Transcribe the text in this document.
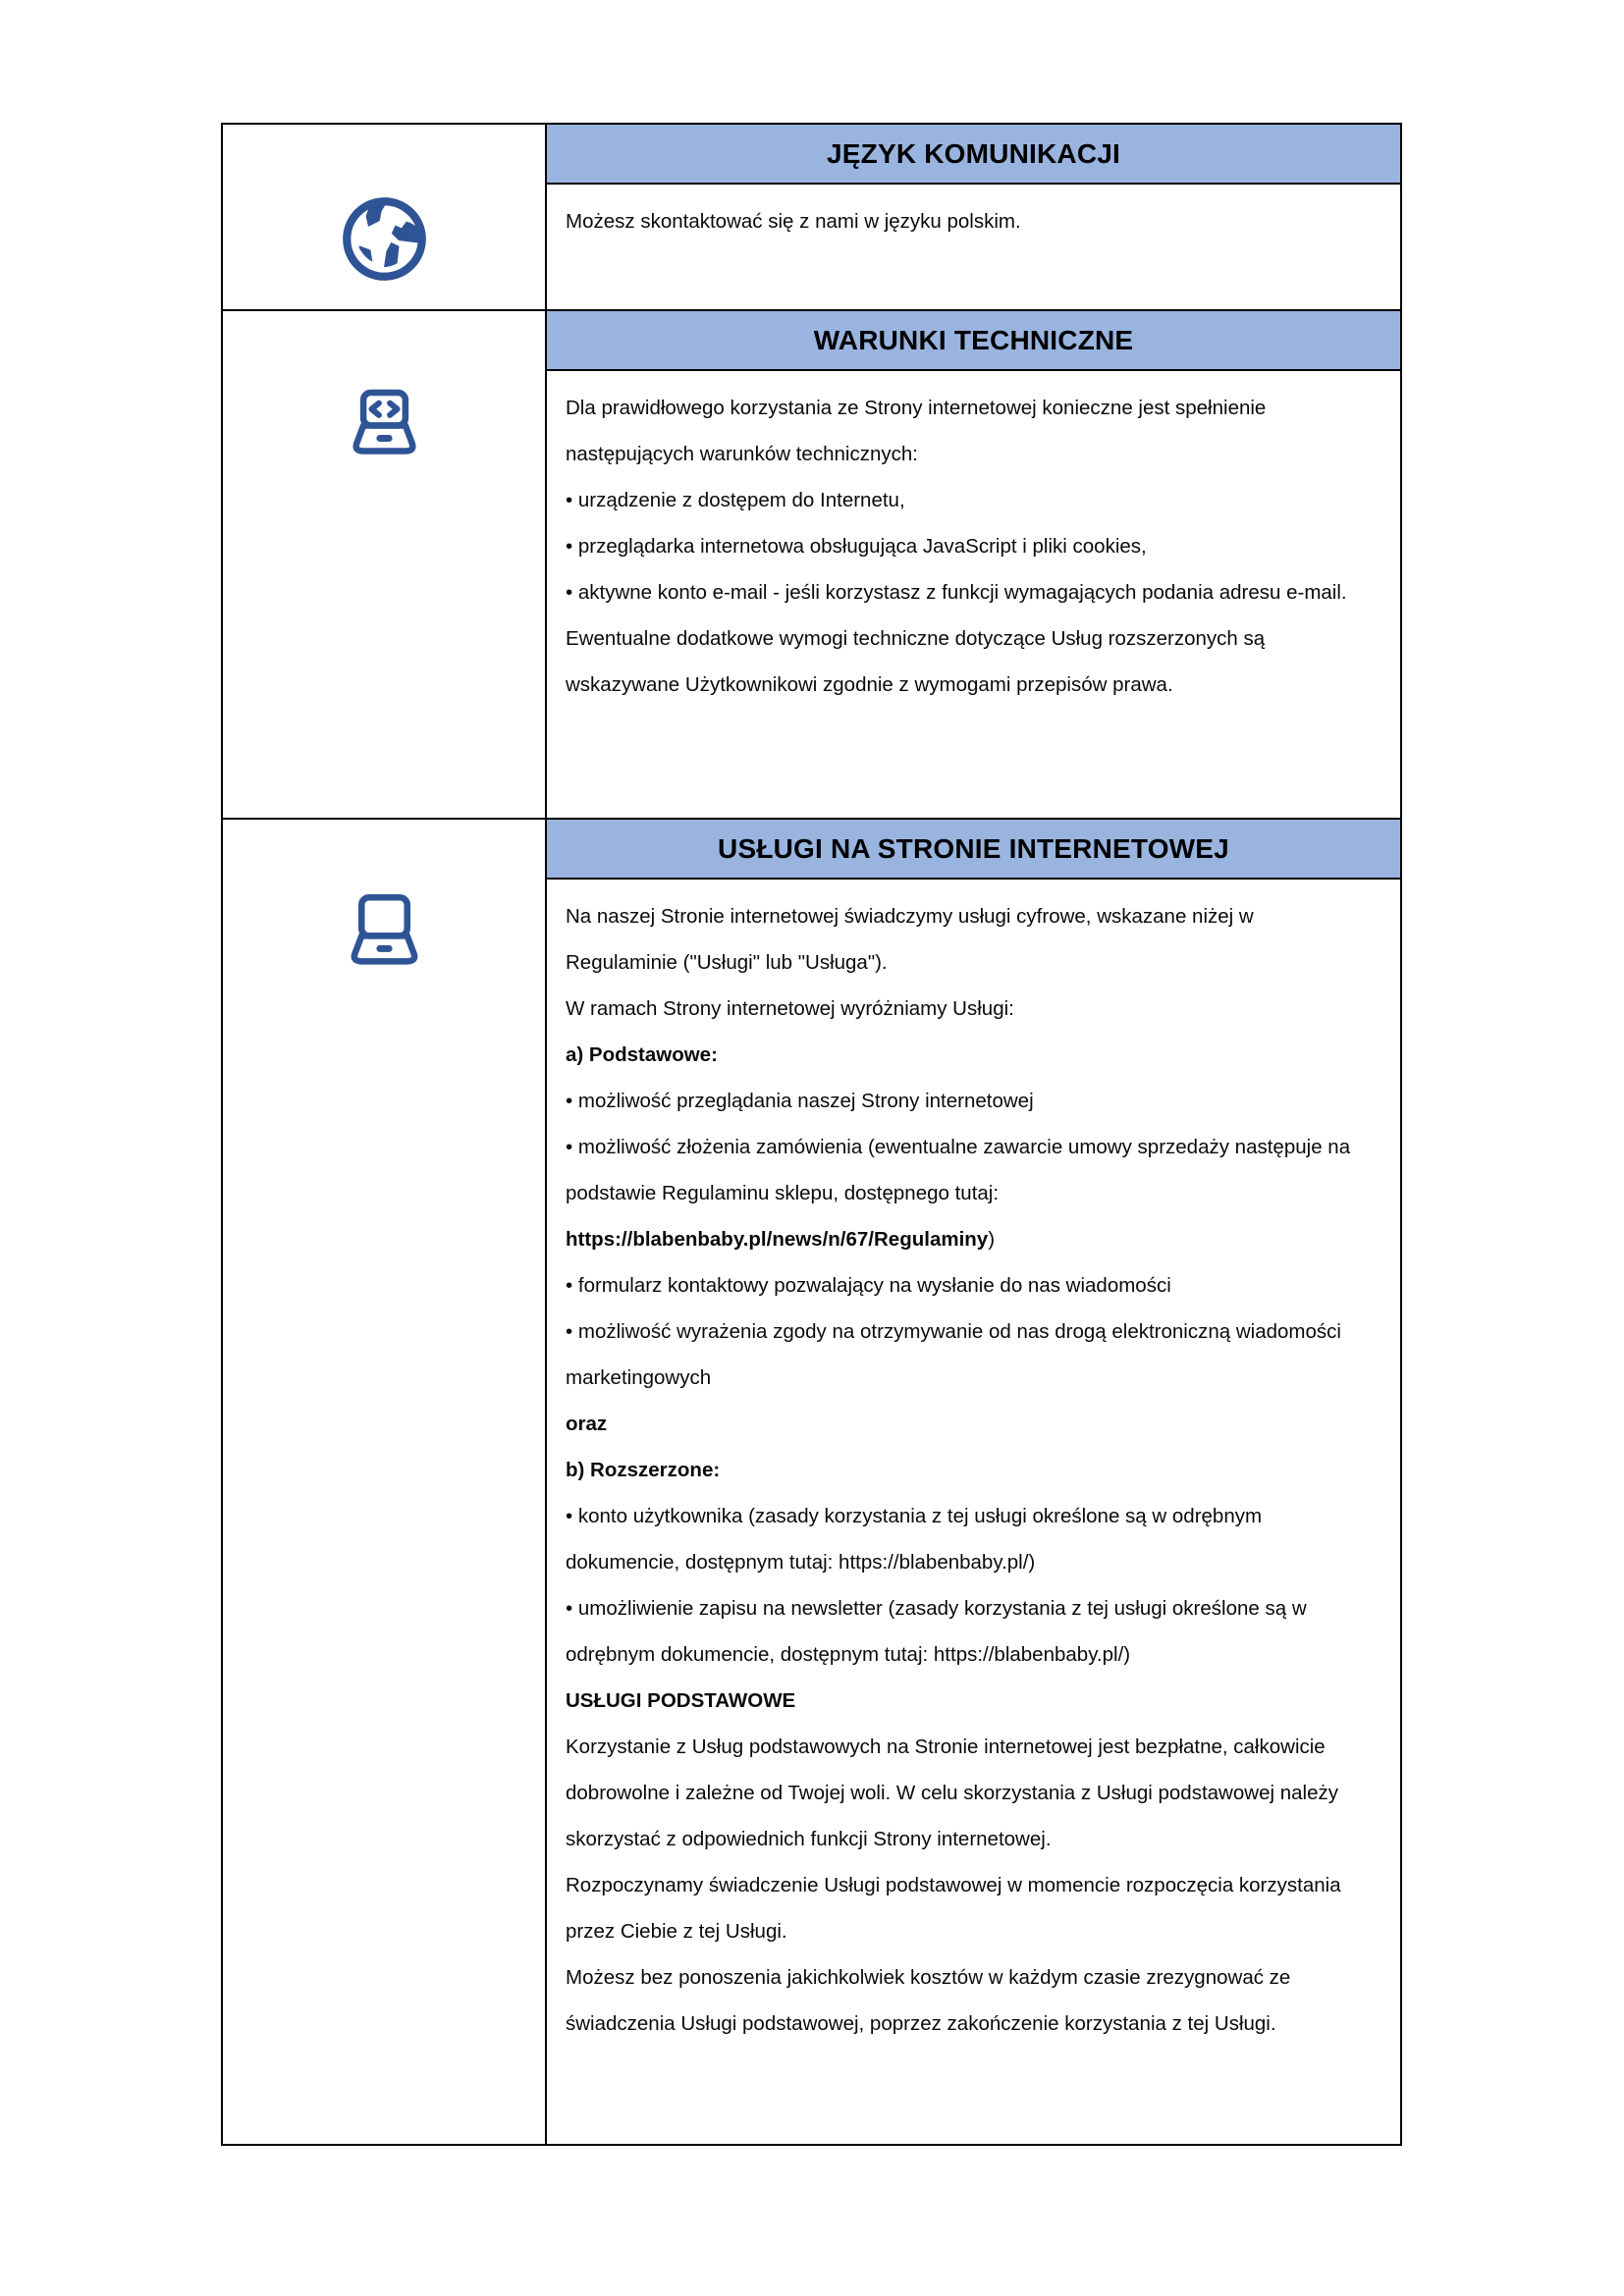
JĘZYK KOMUNIKACJI

Możesz skontaktować się z nami w języku polskim.

WARUNKI TECHNICZNE

Dla prawidłowego korzystania ze Strony internetowej konieczne jest spełnienie następujących warunków technicznych:

• urządzenie z dostępem do Internetu,

• przeglądarka internetowa obsługująca JavaScript i pliki cookies,

• aktywne konto e-mail - jeśli korzystasz z funkcji wymagających podania adresu e-mail.

Ewentualne dodatkowe wymogi techniczne dotyczące Usług rozszerzonych są wskazywane Użytkownikowi zgodnie z wymogami przepisów prawa.

USŁUGI NA STRONIE INTERNETOWEJ

Na naszej Stronie internetowej świadczymy usługi cyfrowe, wskazane niżej w Regulaminie ("Usługi" lub "Usługa").

W ramach Strony internetowej wyróżniamy Usługi:

a) Podstawowe:

• możliwość przeglądania naszej Strony internetowej

• możliwość złożenia zamówienia (ewentualne zawarcie umowy sprzedaży następuje na podstawie Regulaminu sklepu, dostępnego tutaj: https://blabenbaby.pl/news/n/67/Regulaminy)

• formularz kontaktowy pozwalający na wysłanie do nas wiadomości

• możliwość wyrażenia zgody na otrzymywanie od nas drogą elektroniczną wiadomości marketingowych

oraz

b) Rozszerzone:

• konto użytkownika (zasady korzystania z tej usługi określone są w odrębnym dokumencie, dostępnym tutaj: https://blabenbaby.pl/)

• umożliwienie zapisu na newsletter (zasady korzystania z tej usługi określone są w odrębnym dokumencie, dostępnym tutaj: https://blabenbaby.pl/)

USŁUGI PODSTAWOWE

Korzystanie z Usług podstawowych na Stronie internetowej jest bezpłatne, całkowicie dobrowolne i zależne od Twojej woli. W celu skorzystania z Usługi podstawowej należy skorzystać z odpowiednich funkcji Strony internetowej.

Rozpoczynamy świadczenie Usługi podstawowej w momencie rozpoczęcia korzystania przez Ciebie z tej Usługi.

Możesz bez ponoszenia jakichkolwiek kosztów w każdym czasie zrezygnować ze świadczenia Usługi podstawowej, poprzez zakończenie korzystania z tej Usługi.
